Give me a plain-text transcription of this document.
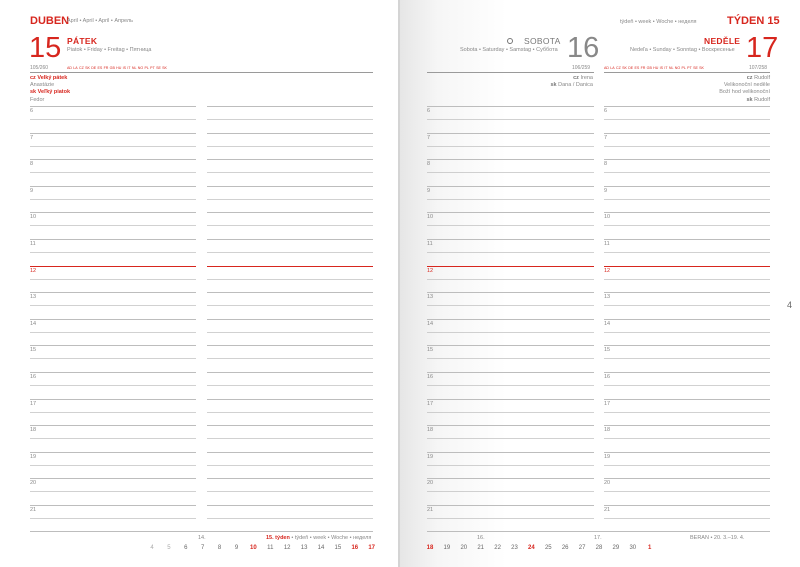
DUBEN
April • April • April • Апрель
15 PÁTEK
Piatok • Friday • Freitag • Пятница
105/260	AD LA CZ SK DE ES FR GB HU IS IT NL NO PL PT SE SK
cz Velký pátek
Anastázie
sk Veľký piatok
Fedor
6
7
8
9
10
11
12
13
14
15
16
17
18
19
20
21
14.	15. týden • týdeň • week • Woche • неделя
4	5	6	7	8	9	10	11	12	13	14	15	16	17
SOBOTA
Sobota • Saturday • Samstag • Суббота 16
106/259
cz Irena
sk Dana / Danica
týdeň • week • Woche • неделя	TÝDEN 15
NEDĚLE
Nedeľa • Sunday • Sonntag • Воскресенье 17
AD LA CZ SK DE ES FR GB HU IS IT NL NO PL PT SE SK	107/258
cz Rudolf
Velikonoční neděle
Boží hod velikonoční
sk Rudolf
6	6
7	7
8	8
9	9
10	10
11	11
12	12
13	13
14	14
15	15
16	16
17	17
18	18
19	19
20	20
21	21
16.	17.	BERAN • 20. 3.–19. 4.
18	19	20	21	22	23	24	25	26	27	28	29	30	1
4
